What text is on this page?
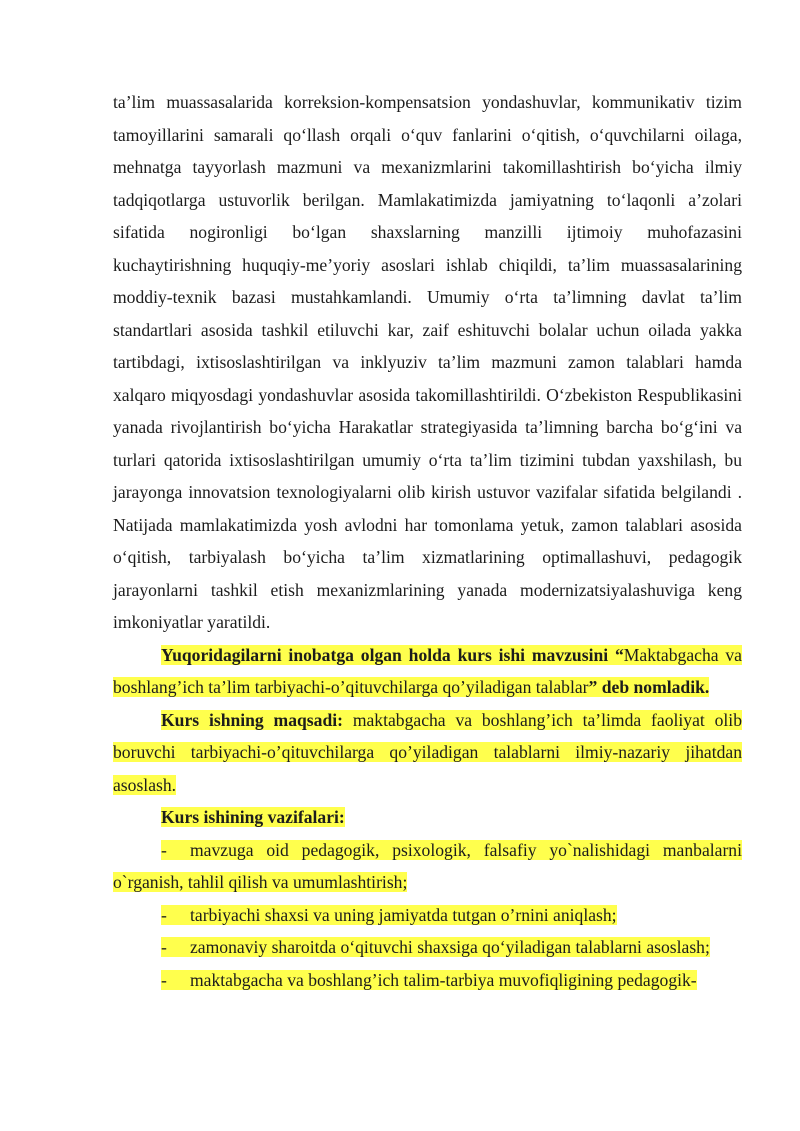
ta’lim muassasalarida korreksion-kompensatsion yondashuvlar, kommunikativ tizim tamoyillarini samarali qo‘llash orqali o‘quv fanlarini o‘qitish, o‘quvchilarni oilaga, mehnatga tayyorlash mazmuni va mexanizmlarini takomillashtirish bo‘yicha ilmiy tadqiqotlarga ustuvorlik berilgan. Mamlakatimizda jamiyatning to‘laqonli a’zolari sifatida nogironligi bo‘lgan shaxslarning manzilli ijtimoiy muhofazasini kuchaytirishning huquqiy-me’yoriy asoslari ishlab chiqildi, ta’lim muassasalarining moddiy-texnik bazasi mustahkamlandi. Umumiy o‘rta ta’limning davlat ta’lim standartlari asosida tashkil etiluvchi kar, zaif eshituvchi bolalar uchun oilada yakka tartibdagi, ixtisoslashtirilgan va inklyuziv ta’lim mazmuni zamon talablari hamda xalqaro miqyosdagi yondashuvlar asosida takomillashtirildi. O‘zbekiston Respublikasini yanada rivojlantirish bo‘yicha Harakatlar strategiyasida ta’limning barcha bo‘g‘ini va turlari qatorida ixtisoslashtirilgan umumiy o‘rta ta’lim tizimini tubdan yaxshilash, bu jarayonga innovatsion texnologiyalarni olib kirish ustuvor vazifalar sifatida belgilandi . Natijada mamlakatimizda yosh avlodni har tomonlama yetuk, zamon talablari asosida o‘qitish, tarbiyalash bo‘yicha ta’lim xizmatlarining optimallashuvi, pedagogik jarayonlarni tashkil etish mexanizmlarining yanada modernizatsiyalashuviga keng imkoniyatlar yaratildi.

Yuqoridagilarni inobatga olgan holda kurs ishi mavzusini “Maktabgacha va boshlang’ich ta’lim tarbiyachi-o’qituvchilarga qo’yiladigan talablar” deb nomladik.

Kurs ishning maqsadi: maktabgacha va boshlang’ich ta’limda faoliyat olib boruvchi tarbiyachi-o’qituvchilarga qo’yiladigan talablarni ilmiy-nazariy jihatdan asoslash.

Kurs ishining vazifalari:

- mavzuga oid pedagogik, psixologik, falsafiy yo`nalishidagi manbalarni o`rganish, tahlil qilish va umumlashtirish;

- tarbiyachi shaxsi va uning jamiyatda tutgan o’rnini aniqlash;

- zamonaviy sharoitda o‘qituvchi shaxsiga qo‘yiladigan talablarni asoslash;

- maktabgacha va boshlang’ich talim-tarbiya muvofiqligining pedagogik-
